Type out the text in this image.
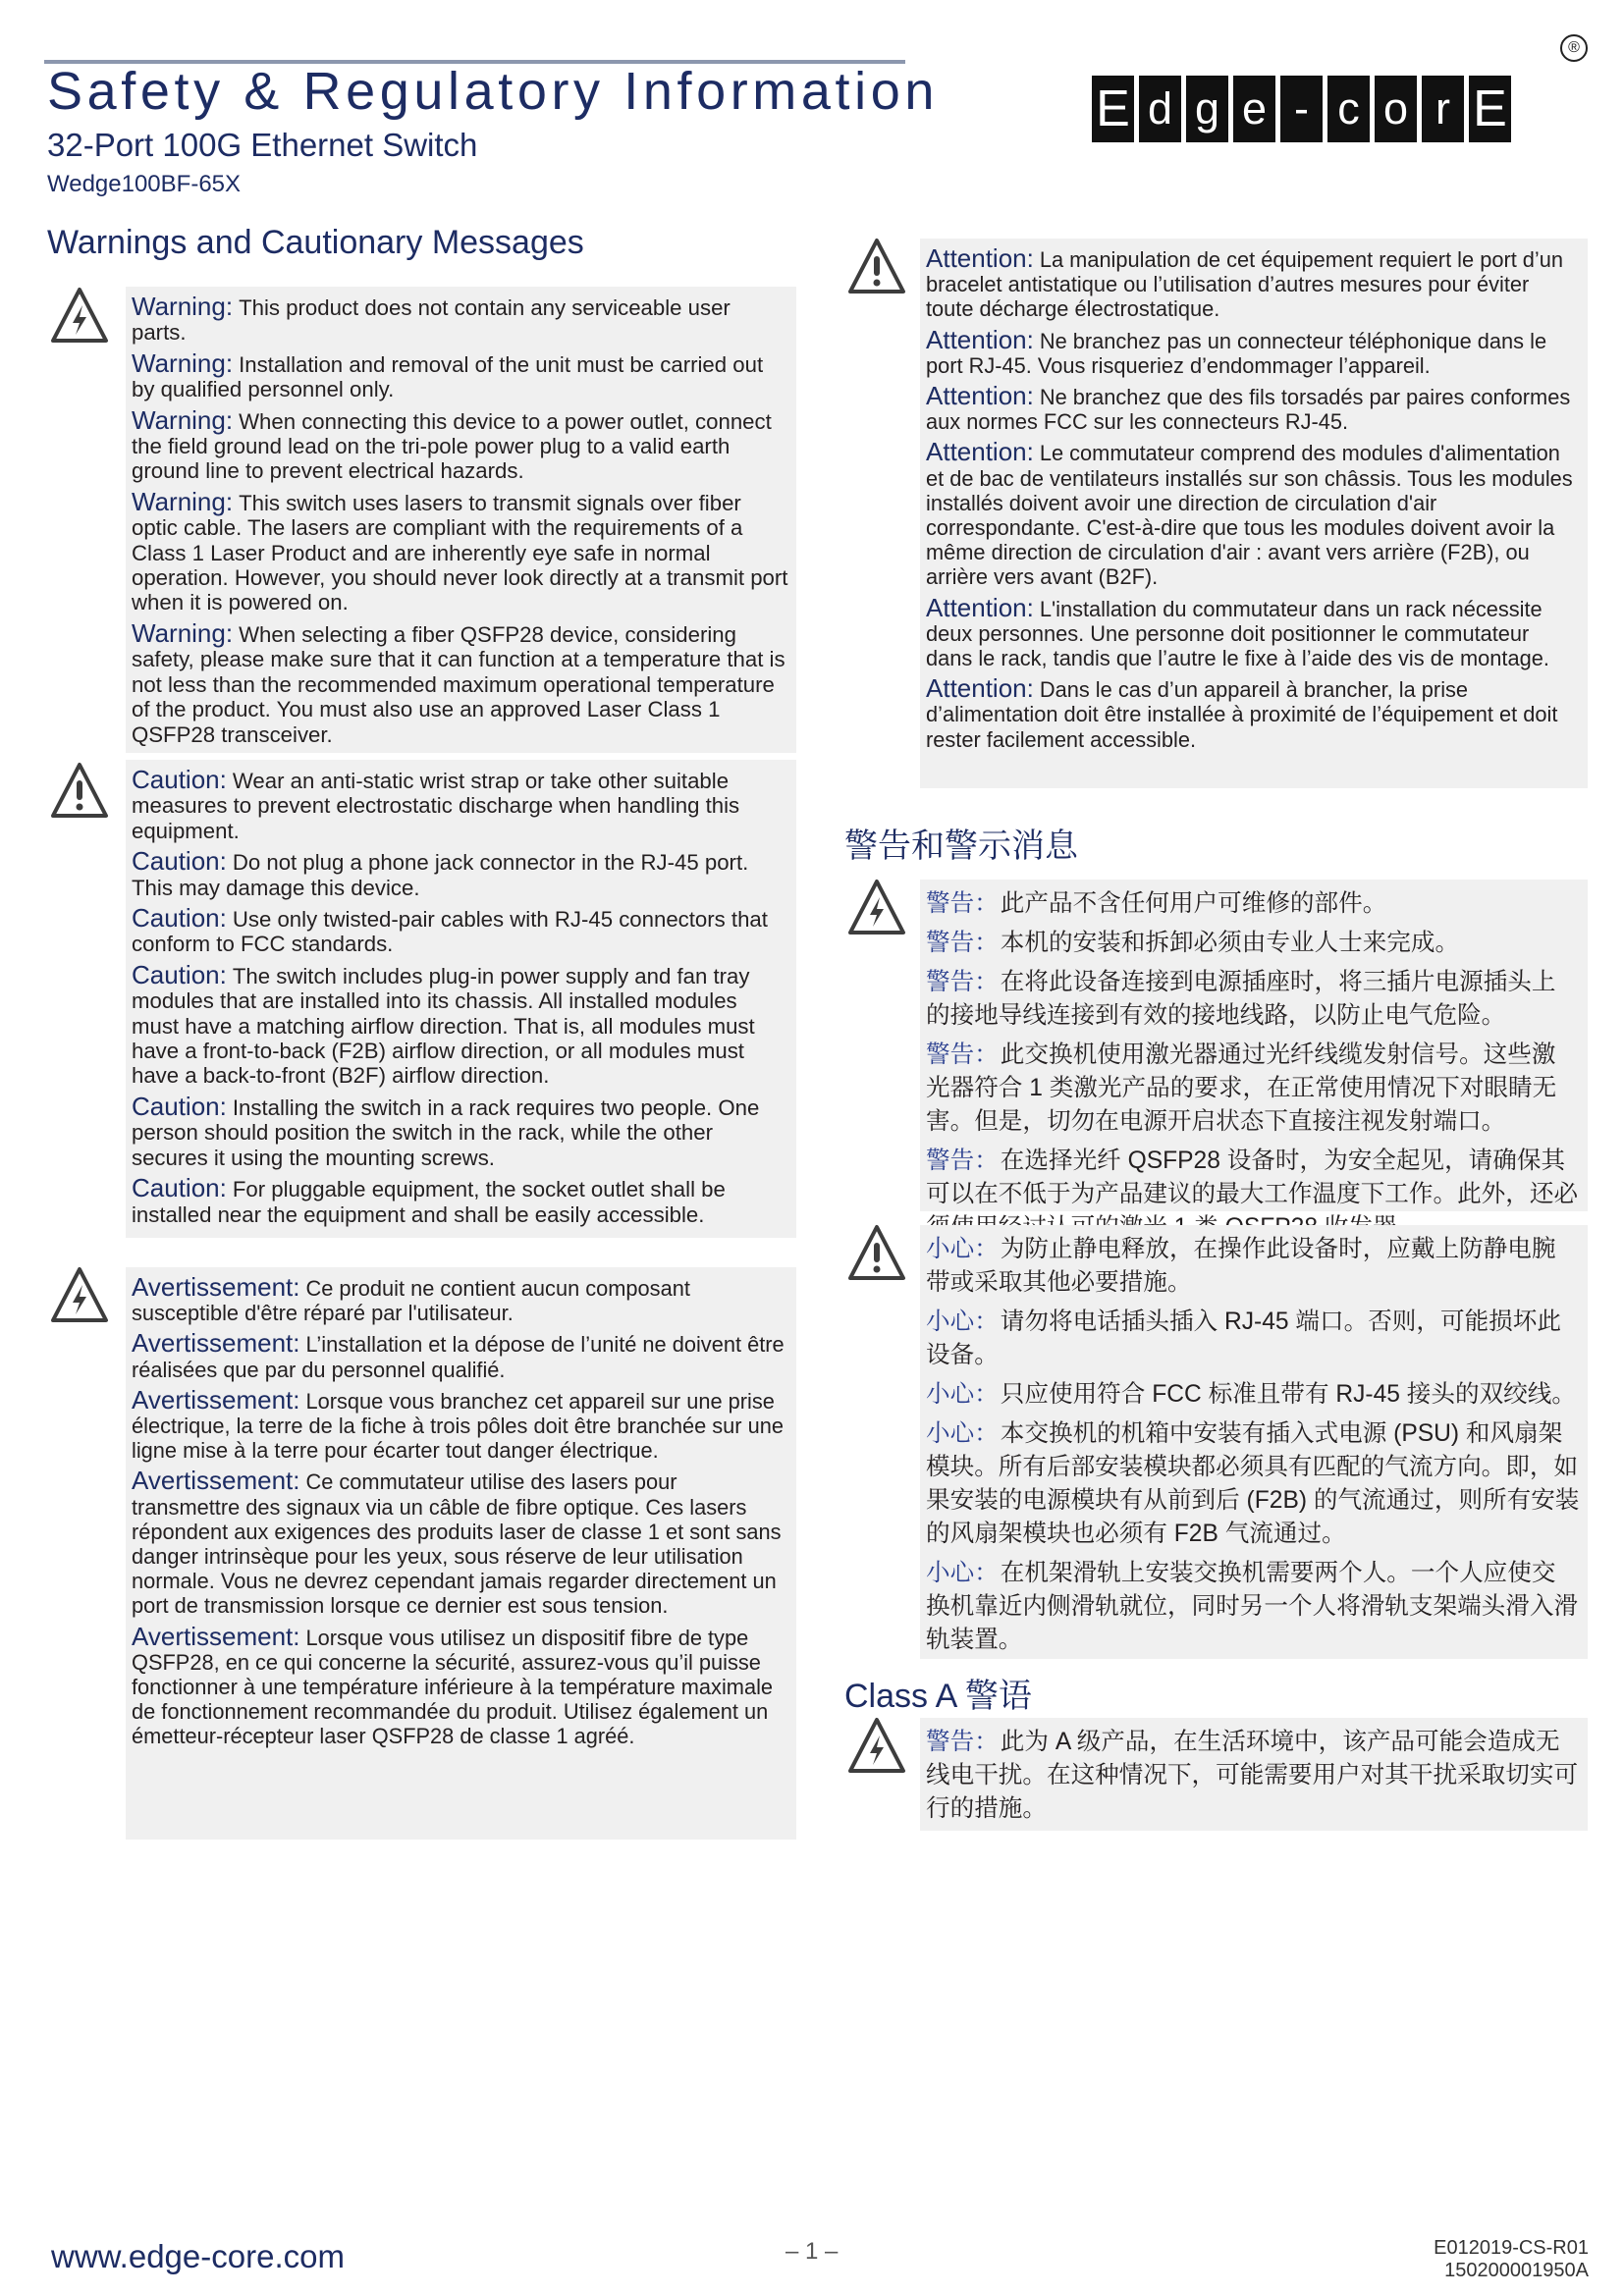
Safety & Regulatory Information
32-Port 100G Ethernet Switch
Wedge100BF-65X
E d g e - c o r E
®
Warnings and Cautionary Messages
警告和警示消息
Class A 警语

Warning: This product does not contain any serviceable user parts.

Warning: Installation and removal of the unit must be carried out by qualified personnel only.

Warning: When connecting this device to a power outlet, connect the field ground lead on the tri-pole power plug to a valid earth ground line to prevent electrical hazards.

Warning: This switch uses lasers to transmit signals over fiber optic cable. The lasers are compliant with the requirements of a Class 1 Laser Product and are inherently eye safe in normal operation. However, you should never look directly at a transmit port when it is powered on.

Warning: When selecting a fiber QSFP28 device, considering safety, please make sure that it can function at a temperature that is not less than the recommended maximum operational temperature of the product. You must also use an approved Laser Class 1 QSFP28 transceiver.

Caution: Wear an anti-static wrist strap or take other suitable measures to prevent electrostatic discharge when handling this equipment.

Caution: Do not plug a phone jack connector in the RJ-45 port. This may damage this device.

Caution: Use only twisted-pair cables with RJ-45 connectors that conform to FCC standards.

Caution: The switch includes plug-in power supply and fan tray modules that are installed into its chassis. All installed modules must have a matching airflow direction. That is, all modules must have a front-to-back (F2B) airflow direction, or all modules must have a back-to-front (B2F) airflow direction.

Caution: Installing the switch in a rack requires two people. One person should position the switch in the rack, while the other secures it using the mounting screws.

Caution: For pluggable equipment, the socket outlet shall be installed near the equipment and shall be easily accessible.

Avertissement: Ce produit ne contient aucun composant susceptible d'être réparé par l'utilisateur.

Avertissement: L’installation et la dépose de l’unité ne doivent être réalisées que par du personnel qualifié.

Avertissement: Lorsque vous branchez cet appareil sur une prise électrique, la terre de la fiche à trois pôles doit être branchée sur une ligne mise à la terre pour écarter tout danger électrique.

Avertissement: Ce commutateur utilise des lasers pour transmettre des signaux via un câble de fibre optique. Ces lasers répondent aux exigences des produits laser de classe 1 et sont sans danger intrinsèque pour les yeux, sous réserve de leur utilisation normale. Vous ne devrez cependant jamais regarder directement un port de transmission lorsque ce dernier est sous tension.

Avertissement: Lorsque vous utilisez un dispositif fibre de type QSFP28, en ce qui concerne la sécurité, assurez-vous qu’il puisse fonctionner à une température inférieure à la température maximale de fonctionnement recommandée du produit. Utilisez également un émetteur-récepteur laser QSFP28 de classe 1 agréé.

Attention: La manipulation de cet équipement requiert le port d’un bracelet antistatique ou l’utilisation d’autres mesures pour éviter toute décharge électrostatique.

Attention: Ne branchez pas un connecteur téléphonique dans le port RJ-45. Vous risqueriez d’endommager l’appareil.

Attention: Ne branchez que des fils torsadés par paires conformes aux normes FCC sur les connecteurs RJ-45.

Attention: Le commutateur comprend des modules d'alimentation et de bac de ventilateurs installés sur son châssis. Tous les modules installés doivent avoir une direction de circulation d'air correspondante. C'est-à-dire que tous les modules doivent avoir la même direction de circulation d'air : avant vers arrière (F2B), ou arrière vers avant (B2F).

Attention: L'installation du commutateur dans un rack nécessite deux personnes. Une personne doit positionner le commutateur dans le rack, tandis que l’autre le fixe à l’aide des vis de montage.

Attention: Dans le cas d’un appareil à brancher, la prise d’alimentation doit être installée à proximité de l’équipement et doit rester facilement accessible.

警告：此产品不含任何用户可维修的部件。

警告：本机的安装和拆卸必须由专业人士来完成。

警告：在将此设备连接到电源插座时，将三插片电源插头上的接地导线连接到有效的接地线路，以防止电气危险。

警告：此交换机使用激光器通过光纤线缆发射信号。这些激光器符合 1 类激光产品的要求，在正常使用情况下对眼睛无害。但是，切勿在电源开启状态下直接注视发射端口。

警告：在选择光纤 QSFP28 设备时，为安全起见，请确保其可以在不低于为产品建议的最大工作温度下工作。此外，还必

小心：为防止静电释放，在操作此设备时，应戴上防静电腕带或采取其他必要措施。

小心：请勿将电话插头插入 RJ-45 端口。否则，可能损坏此设备。

小心：只应使用符合 FCC 标准且带有 RJ-45 接头的双绞线。

小心：本交换机的机箱中安装有插入式电源 (PSU) 和风扇架模块。所有后部安装模块都必须具有匹配的气流方向。即，如果安装的电源模块有从前到后 (F2B) 的气流通过，则所有安装的风扇架模块也必须有 F2B 气流通过。

小心：在机架滑轨上安装交换机需要两个人。一个人应使交换机靠近内侧滑轨就位，同时另一个人将滑轨支架端头滑入滑轨装置。

警告：此为 A 级产品，在生活环境中，该产品可能会造成无线电干扰。在这种情况下，可能需要用户对其干扰采取切实可行的措施。

www.edge-core.com	– 1 –	E012019-CS-R01
150200001950A
